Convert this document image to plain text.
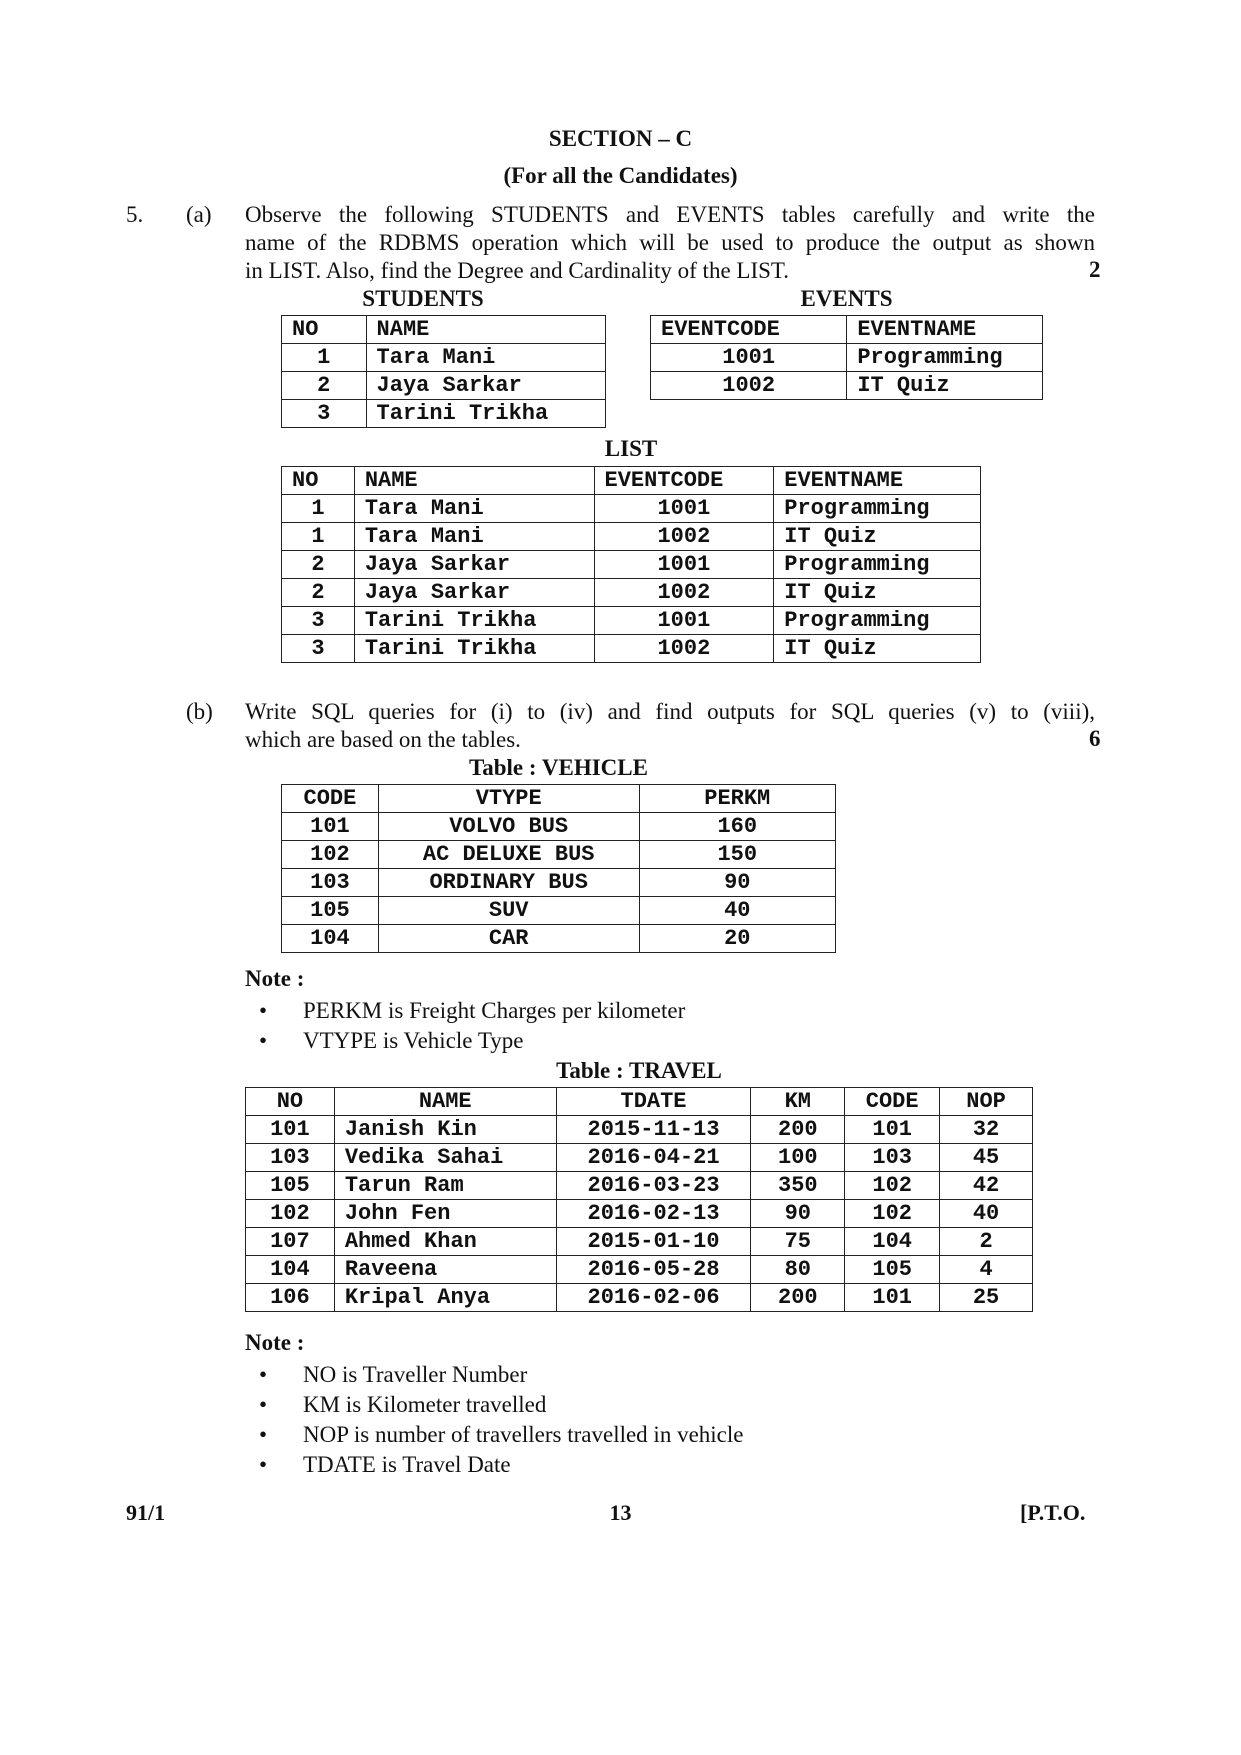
SECTION – C
(For all the Candidates)
5. (a) Observe the following STUDENTS and EVENTS tables carefully and write the
name of the RDBMS operation which will be used to produce the output as shown
in LIST. Also, find the Degree and Cardinality of the LIST.	2
STUDENTS
NO	NAME
1	Tara Mani
2	Jaya Sarkar
3	Tarini Trikha
EVENTS
EVENTCODE	EVENTNAME
1001	Programming
1002	IT Quiz
LIST
NO	NAME	EVENTCODE	EVENTNAME
1	Tara Mani	1001	Programming
1	Tara Mani	1002	IT Quiz
2	Jaya Sarkar	1001	Programming
2	Jaya Sarkar	1002	IT Quiz
3	Tarini Trikha	1001	Programming
3	Tarini Trikha	1002	IT Quiz
(b) Write SQL queries for (i) to (iv) and find outputs for SQL queries (v) to (viii),
which are based on the tables.	6
Table : VEHICLE
CODE	VTYPE	PERKM
101	VOLVO BUS	160
102	AC DELUXE BUS	150
103	ORDINARY BUS	90
105	SUV	40
104	CAR	20
Note :
• PERKM is Freight Charges per kilometer
• VTYPE is Vehicle Type
Table : TRAVEL
NO	NAME	TDATE	KM	CODE	NOP
101	Janish Kin	2015-11-13	200	101	32
103	Vedika Sahai	2016-04-21	100	103	45
105	Tarun Ram	2016-03-23	350	102	42
102	John Fen	2016-02-13	90	102	40
107	Ahmed Khan	2015-01-10	75	104	2
104	Raveena	2016-05-28	80	105	4
106	Kripal Anya	2016-02-06	200	101	25
Note :
• NO is Traveller Number
• KM is Kilometer travelled
• NOP is number of travellers travelled in vehicle
• TDATE is Travel Date
91/1	13	[P.T.O.
